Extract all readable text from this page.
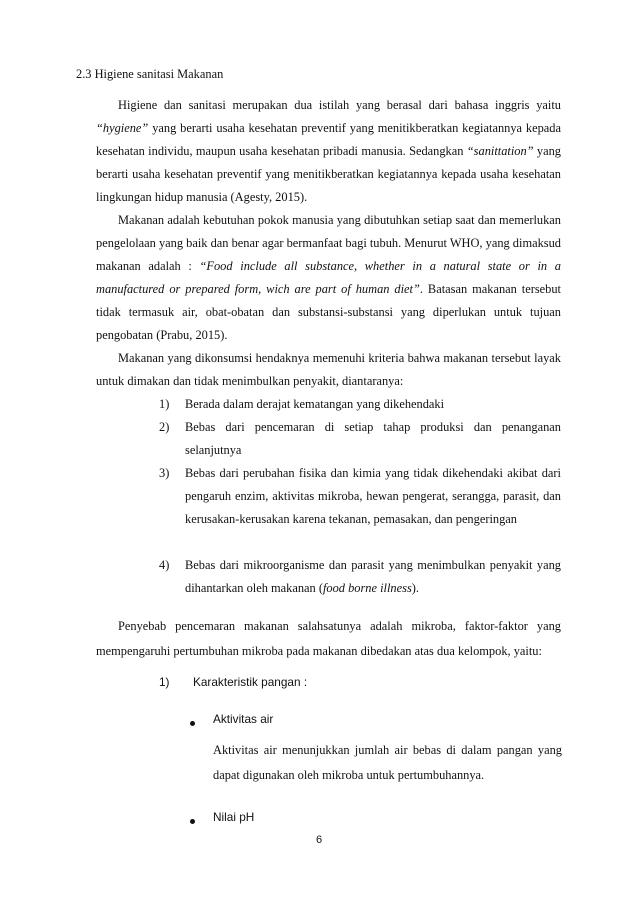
2.3 Higiene sanitasi Makanan

Higiene dan sanitasi merupakan dua istilah yang berasal dari bahasa inggris yaitu “hygiene” yang berarti usaha kesehatan preventif yang menitikberatkan kegiatannya kepada kesehatan individu, maupun usaha kesehatan pribadi manusia. Sedangkan “sanittation” yang berarti usaha kesehatan preventif yang menitikberatkan kegiatannya kepada usaha kesehatan lingkungan hidup manusia (Agesty, 2015).

Makanan adalah kebutuhan pokok manusia yang dibutuhkan setiap saat dan memerlukan pengelolaan yang baik dan benar agar bermanfaat bagi tubuh. Menurut WHO, yang dimaksud makanan adalah : “Food include all substance, whether in a natural state or in a manufactured or prepared form, wich are part of human diet”. Batasan makanan tersebut tidak termasuk air, obat-obatan dan substansi-substansi yang diperlukan untuk tujuan pengobatan (Prabu, 2015).

Makanan yang dikonsumsi hendaknya memenuhi kriteria bahwa makanan tersebut layak untuk dimakan dan tidak menimbulkan penyakit, diantaranya:

1) Berada dalam derajat kematangan yang dikehendaki
2) Bebas dari pencemaran di setiap tahap produksi dan penanganan selanjutnya
3) Bebas dari perubahan fisika dan kimia yang tidak dikehendaki akibat dari pengaruh enzim, aktivitas mikroba, hewan pengerat, serangga, parasit, dan kerusakan-kerusakan karena tekanan, pemasakan, dan pengeringan
4) Bebas dari mikroorganisme dan parasit yang menimbulkan penyakit yang dihantarkan oleh makanan (food borne illness).

Penyebab pencemaran makanan salahsatunya adalah mikroba, faktor-faktor yang mempengaruhi pertumbuhan mikroba pada makanan dibedakan atas dua kelompok, yaitu:

1) Karakteristik pangan :
Aktivitas air
Aktivitas air menunjukkan jumlah air bebas di dalam pangan yang dapat digunakan oleh mikroba untuk pertumbuhannya.
Nilai pH
6
